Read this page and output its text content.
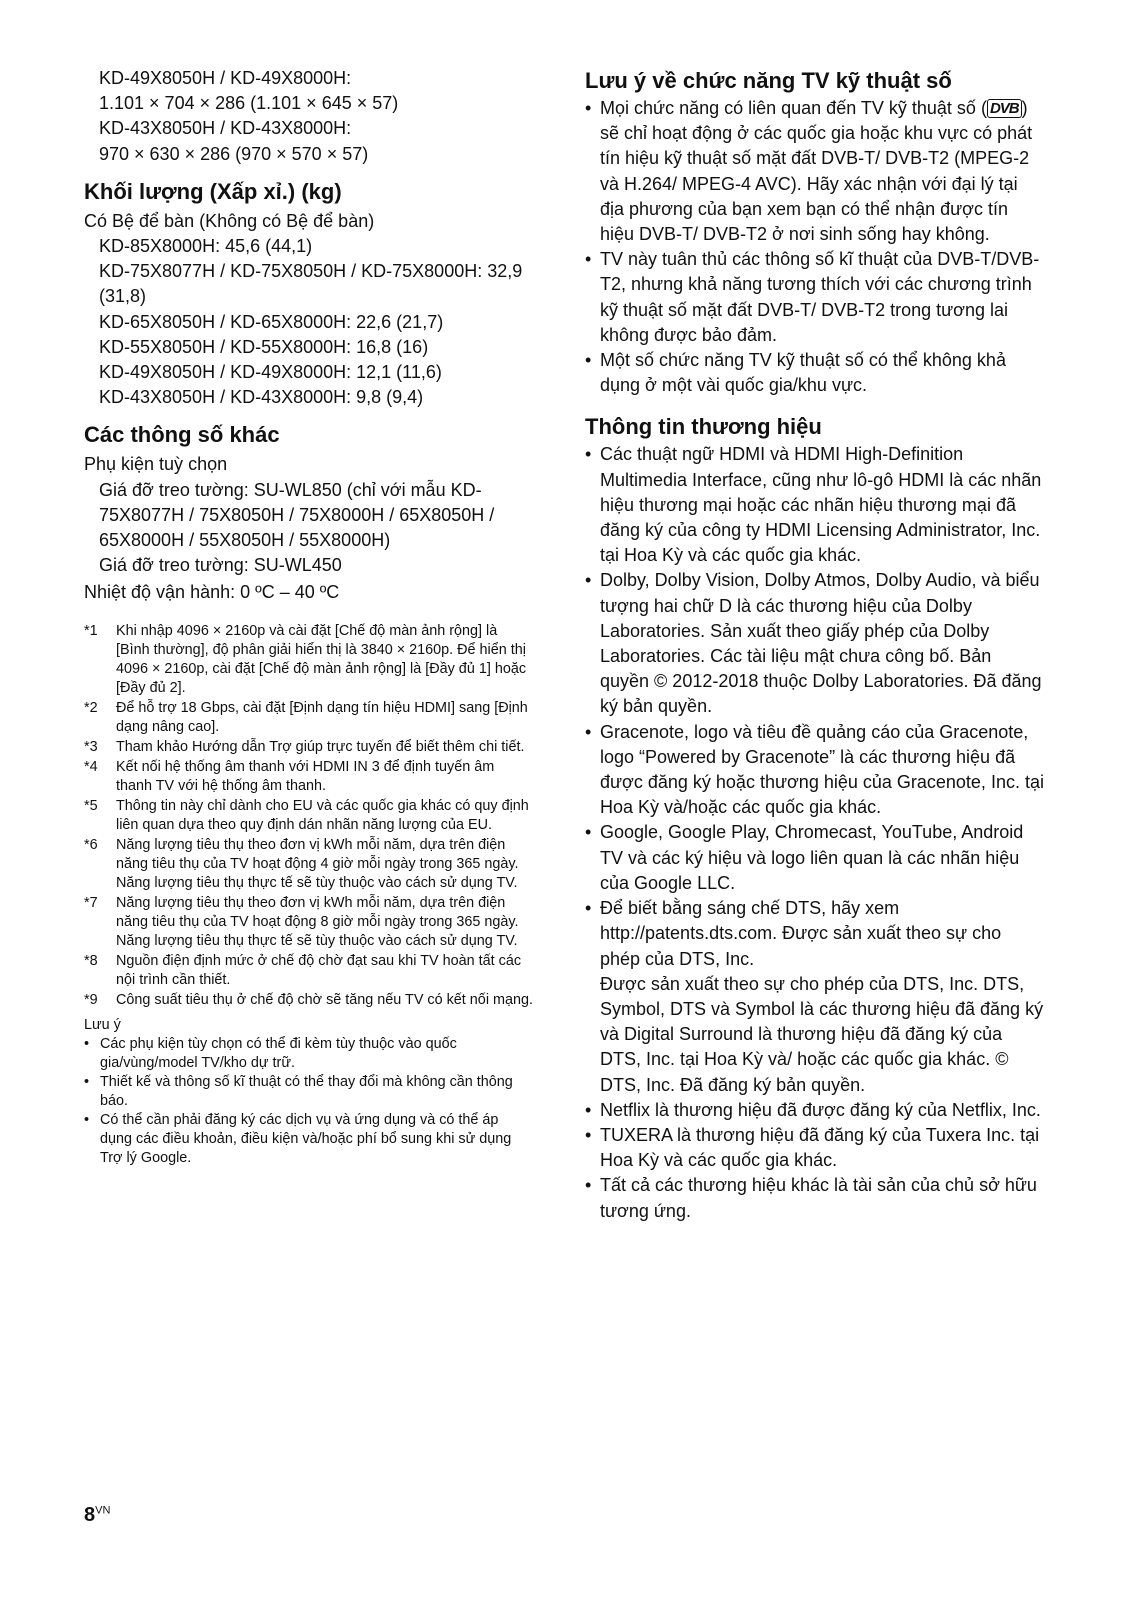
KD-49X8050H / KD-49X8000H:
1.101 × 704 × 286 (1.101 × 645 × 57)
KD-43X8050H / KD-43X8000H:
970 × 630 × 286 (970 × 570 × 57)
Khối lượng (Xấp xỉ.) (kg)
Có Bệ để bàn (Không có Bệ để bàn)
KD-85X8000H: 45,6 (44,1)
KD-75X8077H / KD-75X8050H / KD-75X8000H: 32,9 (31,8)
KD-65X8050H / KD-65X8000H: 22,6 (21,7)
KD-55X8050H / KD-55X8000H: 16,8 (16)
KD-49X8050H / KD-49X8000H: 12,1 (11,6)
KD-43X8050H / KD-43X8000H: 9,8 (9,4)
Các thông số khác
Phụ kiện tuỳ chọn
Giá đỡ treo tường: SU-WL850 (chỉ với mẫu KD-75X8077H / 75X8050H / 75X8000H / 65X8050H / 65X8000H / 55X8050H / 55X8000H)
Giá đỡ treo tường: SU-WL450
Nhiệt độ vận hành: 0 ºC – 40 ºC
*1	Khi nhập 4096 × 2160p và cài đặt [Chế độ màn ảnh rộng] là [Bình thường], độ phân giải hiển thị là 3840 × 2160p. Để hiển thị 4096 × 2160p, cài đặt [Chế độ màn ảnh rộng] là [Đầy đủ 1] hoặc [Đầy đủ 2].
*2	Để hỗ trợ 18 Gbps, cài đặt [Định dạng tín hiệu HDMI] sang [Định dạng nâng cao].
*3	Tham khảo Hướng dẫn Trợ giúp trực tuyến để biết thêm chi tiết.
*4	Kết nối hệ thống âm thanh với HDMI IN 3 để định tuyến âm thanh TV với hệ thống âm thanh.
*5	Thông tin này chỉ dành cho EU và các quốc gia khác có quy định liên quan dựa theo quy định dán nhãn năng lượng của EU.
*6	Năng lượng tiêu thụ theo đơn vị kWh mỗi năm, dựa trên điện năng tiêu thụ của TV hoạt động 4 giờ mỗi ngày trong 365 ngày. Năng lượng tiêu thụ thực tế sẽ tùy thuộc vào cách sử dụng TV.
*7	Năng lượng tiêu thụ theo đơn vị kWh mỗi năm, dựa trên điện năng tiêu thụ của TV hoạt động 8 giờ mỗi ngày trong 365 ngày. Năng lượng tiêu thụ thực tế sẽ tùy thuộc vào cách sử dụng TV.
*8	Nguồn điện định mức ở chế độ chờ đạt sau khi TV hoàn tất các nội trình cần thiết.
*9	Công suất tiêu thụ ở chế độ chờ sẽ tăng nếu TV có kết nối mạng.
Lưu ý
• Các phụ kiện tùy chọn có thể đi kèm tùy thuộc vào quốc gia/vùng/model TV/kho dự trữ.
• Thiết kế và thông số kĩ thuật có thể thay đổi mà không cần thông báo.
• Có thể cần phải đăng ký các dịch vụ và ứng dụng và có thể áp dụng các điều khoản, điều kiện và/hoặc phí bổ sung khi sử dụng Trợ lý Google.
Lưu ý về chức năng TV kỹ thuật số
• Mọi chức năng có liên quan đến TV kỹ thuật số ( DVB ) sẽ chỉ hoạt động ở các quốc gia hoặc khu vực có phát tín hiệu kỹ thuật số mặt đất DVB-T/ DVB-T2 (MPEG-2 và H.264/ MPEG-4 AVC). Hãy xác nhận với đại lý tại địa phương của bạn xem bạn có thể nhận được tín hiệu DVB-T/ DVB-T2 ở nơi sinh sống hay không.
• TV này tuân thủ các thông số kĩ thuật của DVB-T/DVB-T2, nhưng khả năng tương thích với các chương trình kỹ thuật số mặt đất DVB-T/ DVB-T2 trong tương lai không được bảo đảm.
• Một số chức năng TV kỹ thuật số có thể không khả dụng ở một vài quốc gia/khu vực.
Thông tin thương hiệu
• Các thuật ngữ HDMI và HDMI High-Definition Multimedia Interface, cũng như lô-gô HDMI là các nhãn hiệu thương mại hoặc các nhãn hiệu thương mại đã đăng ký của công ty HDMI Licensing Administrator, Inc. tại Hoa Kỳ và các quốc gia khác.
• Dolby, Dolby Vision, Dolby Atmos, Dolby Audio, và biểu tượng hai chữ D là các thương hiệu của Dolby Laboratories. Sản xuất theo giấy phép của Dolby Laboratories. Các tài liệu mật chưa công bố. Bản quyền © 2012-2018 thuộc Dolby Laboratories. Đã đăng ký bản quyền.
• Gracenote, logo và tiêu đề quảng cáo của Gracenote, logo “Powered by Gracenote” là các thương hiệu đã được đăng ký hoặc thương hiệu của Gracenote, Inc. tại Hoa Kỳ và/hoặc các quốc gia khác.
• Google, Google Play, Chromecast, YouTube, Android TV và các ký hiệu và logo liên quan là các nhãn hiệu của Google LLC.
• Để biết bằng sáng chế DTS, hãy xem http://patents.dts.com. Được sản xuất theo sự cho phép của DTS, Inc.
Được sản xuất theo sự cho phép của DTS, Inc. DTS, Symbol, DTS và Symbol là các thương hiệu đã đăng ký và Digital Surround là thương hiệu đã đăng ký của DTS, Inc. tại Hoa Kỳ và/ hoặc các quốc gia khác. © DTS, Inc. Đã đăng ký bản quyền.
• Netflix là thương hiệu đã được đăng ký của Netflix, Inc.
• TUXERA là thương hiệu đã đăng ký của Tuxera Inc. tại Hoa Kỳ và các quốc gia khác.
• Tất cả các thương hiệu khác là tài sản của chủ sở hữu tương ứng.
$8^{VN}$
